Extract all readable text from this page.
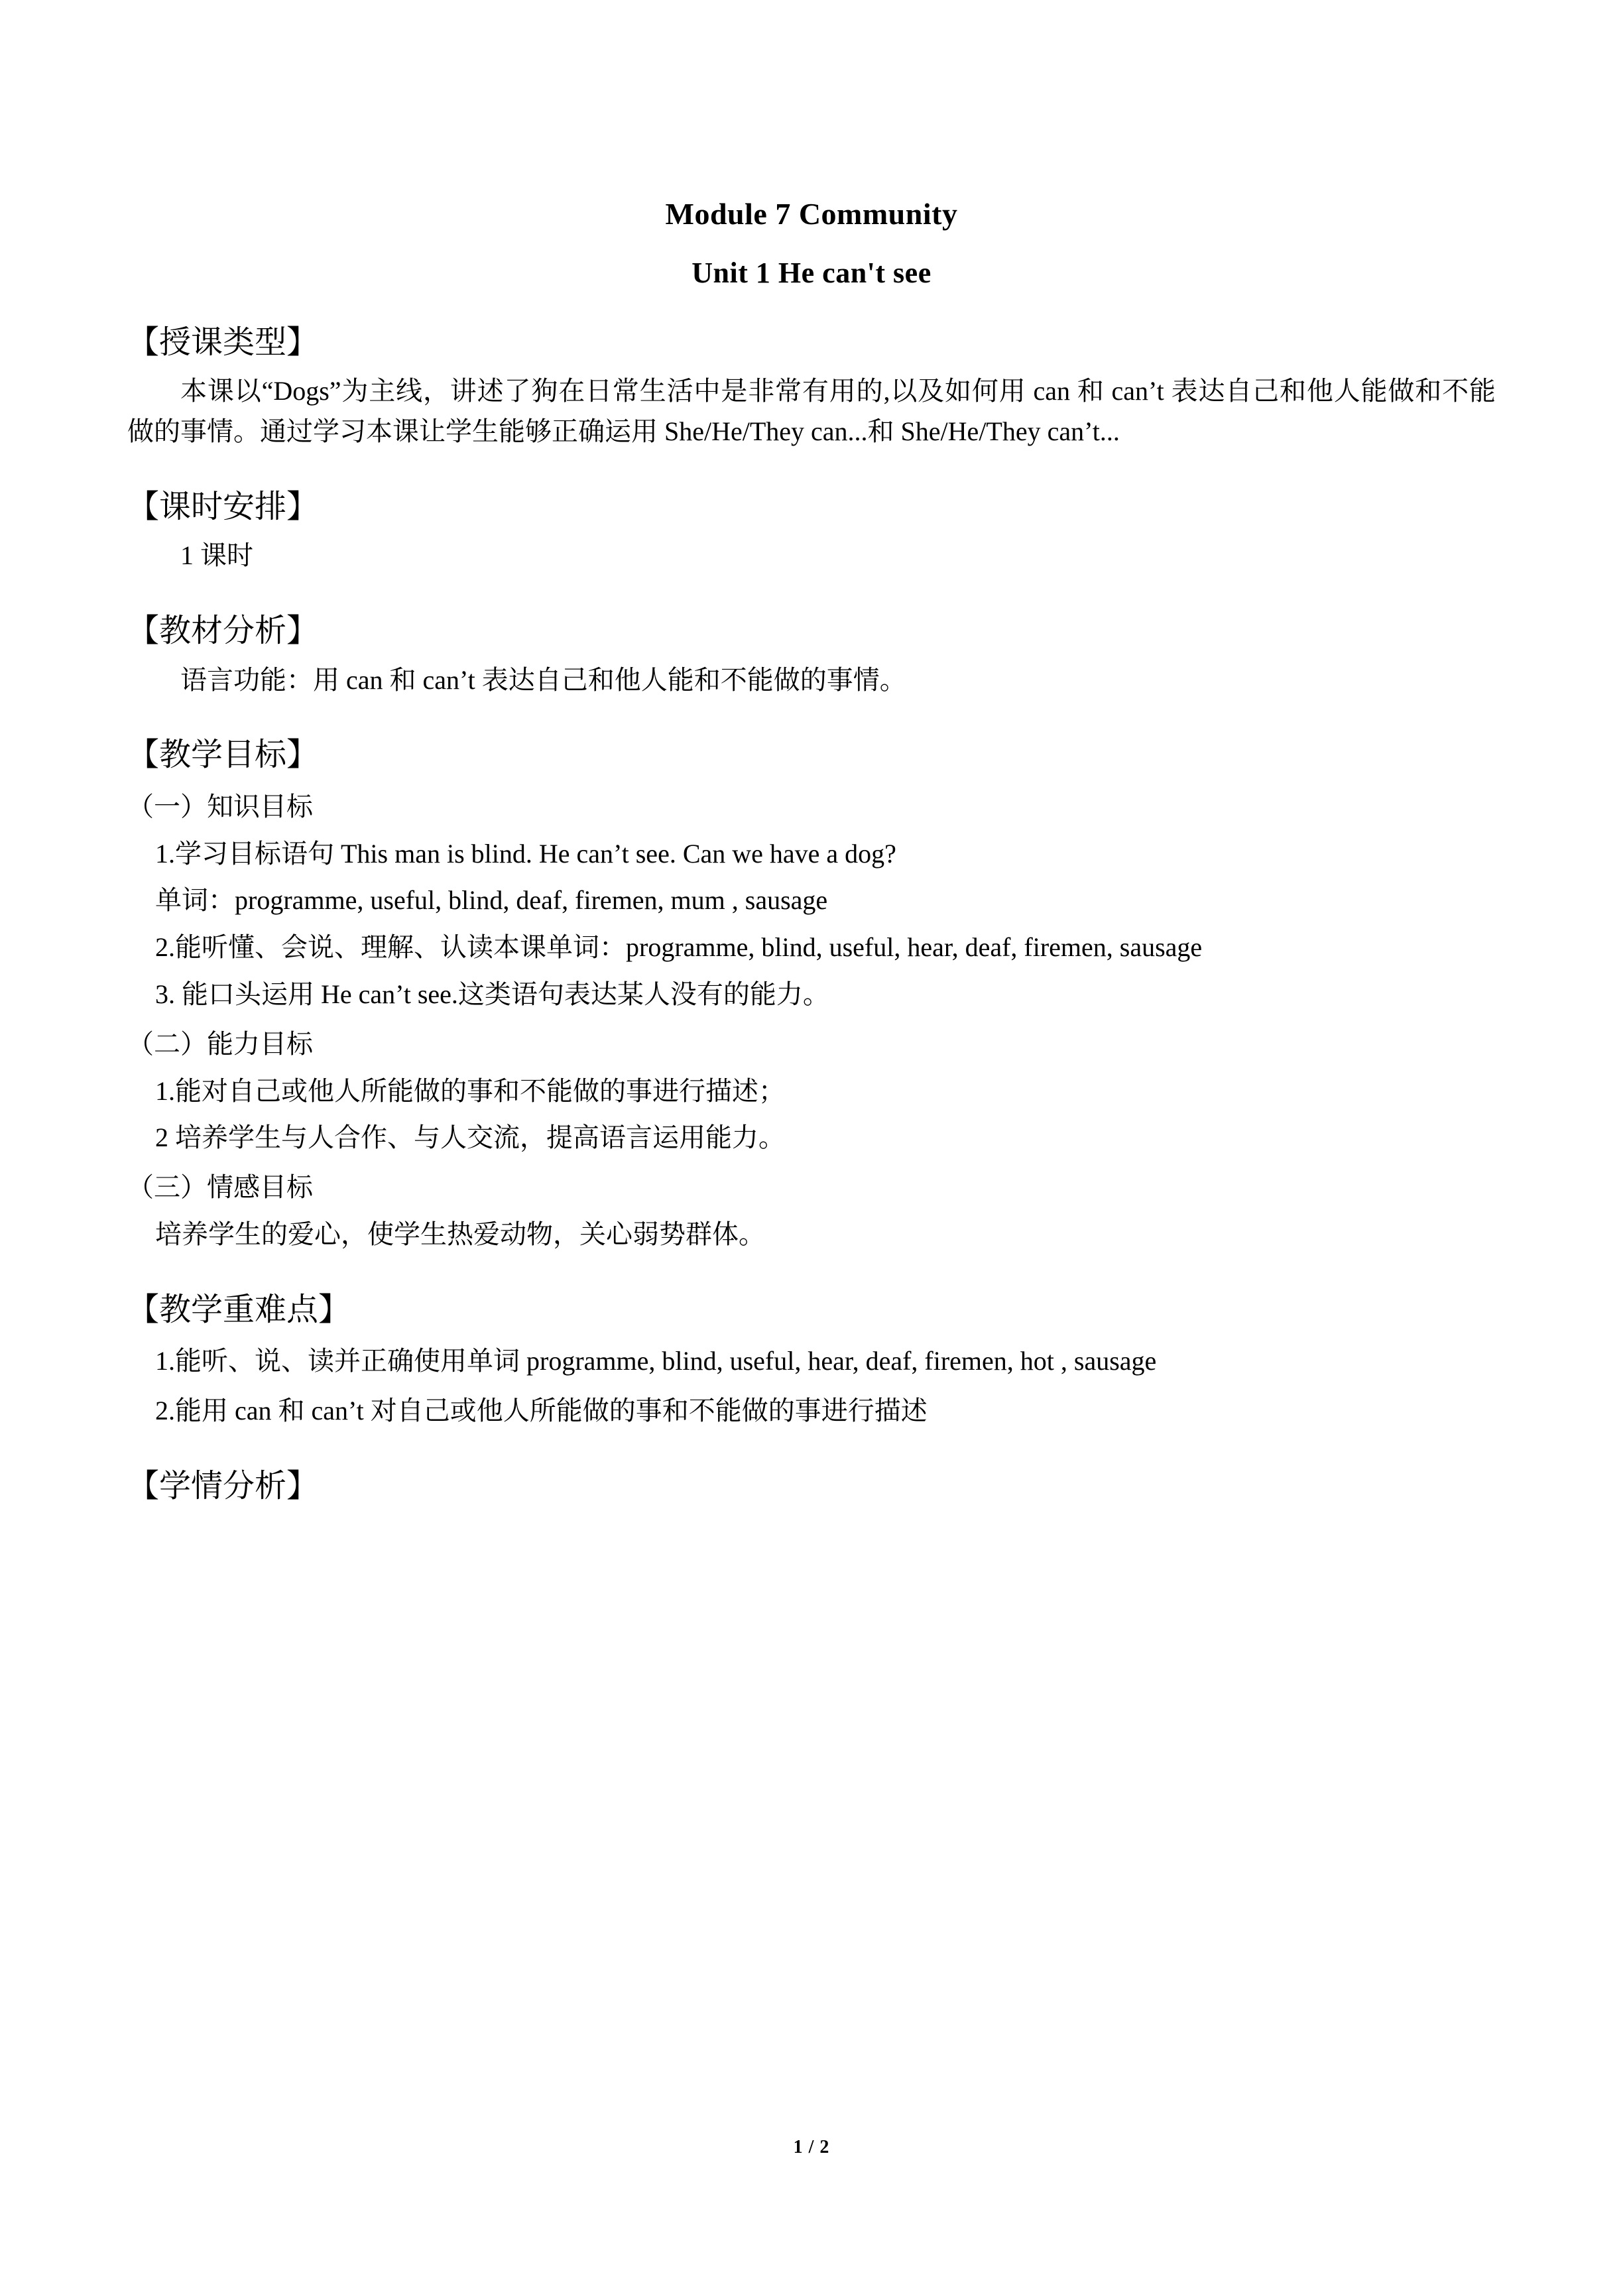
Module 7 Community
Unit 1 He can't see
【授课类型】

本课以“Dogs”为主线，讲述了狗在日常生活中是非常有用的,以及如何用 can 和 can’t 表达自己和他人能做和不能做的事情。通过学习本课让学生能够正确运用 She/He/They can...和 She/He/They can’t...

【课时安排】

1 课时

【教材分析】

语言功能：用 can 和 can’t 表达自己和他人能和不能做的事情。

【教学目标】

（一）知识目标

1.学习目标语句 This man is blind. He can’t see. Can we have a dog?

单词：programme, useful, blind, deaf, firemen, mum , sausage

2.能听懂、会说、理解、认读本课单词：programme, blind, useful, hear, deaf, firemen, sausage

3. 能口头运用 He can’t see.这类语句表达某人没有的能力。

（二）能力目标

1.能对自己或他人所能做的事和不能做的事进行描述；

2 培养学生与人合作、与人交流，提高语言运用能力。

（三）情感目标

培养学生的爱心，使学生热爱动物，关心弱势群体。

【教学重难点】

1.能听、说、读并正确使用单词 programme, blind, useful, hear, deaf, firemen, hot , sausage

2.能用 can 和 can’t 对自己或他人所能做的事和不能做的事进行描述

【学情分析】
1 / 2
